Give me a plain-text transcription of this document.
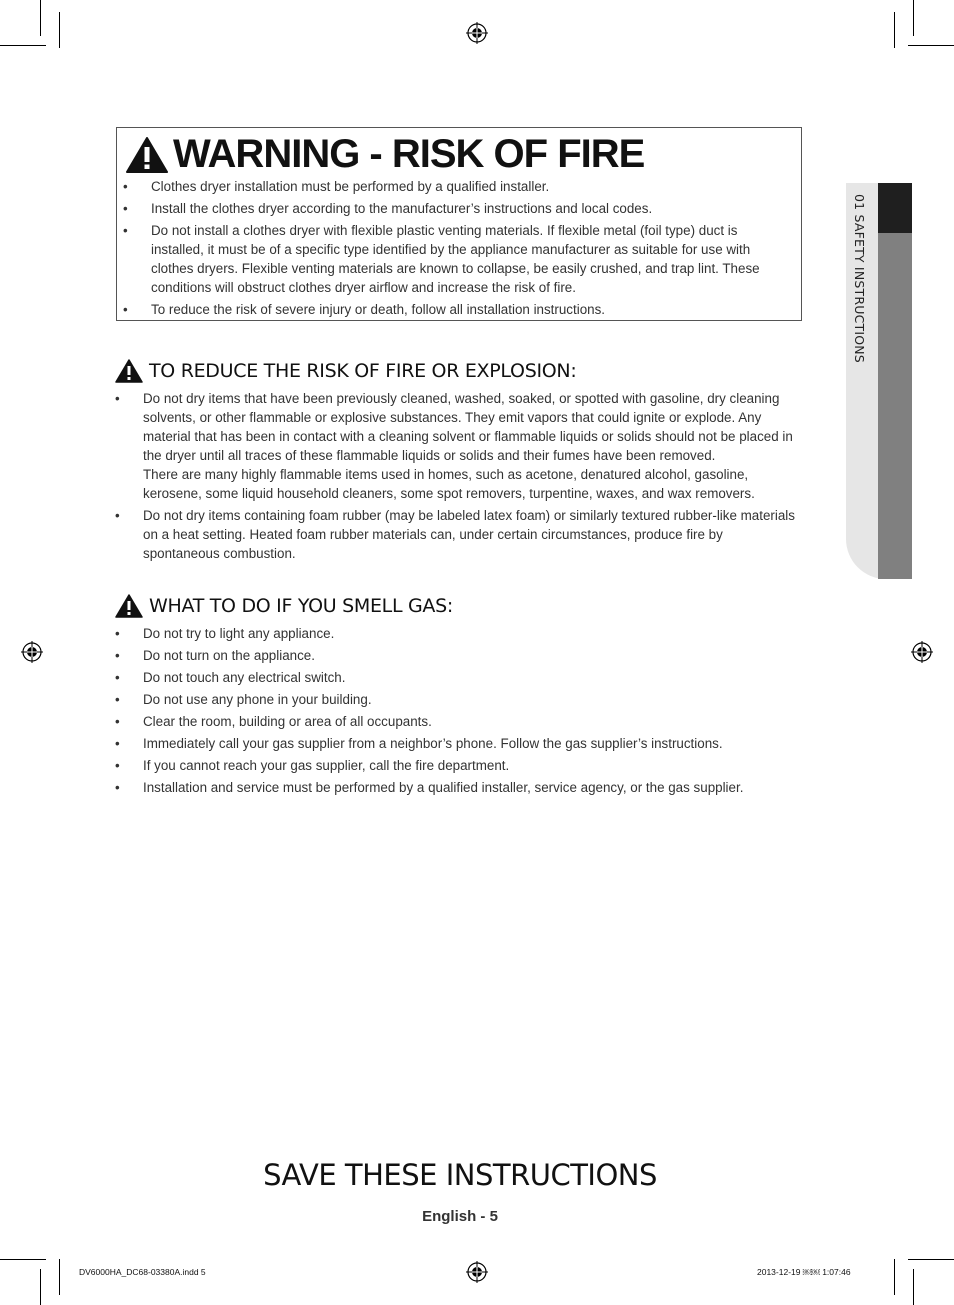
01 SAFETY INSTRUCTIONS
WARNING - RISK OF FIRE
• Clothes dryer installation must be performed by a qualified installer.
• Install the clothes dryer according to the manufacturer’s instructions and local codes.
• Do not install a clothes dryer with flexible plastic venting materials. If flexible metal (foil type) duct is installed, it must be of a specific type identified by the appliance manufacturer as suitable for use with clothes dryers. Flexible venting materials are known to collapse, be easily crushed, and trap lint. These conditions will obstruct clothes dryer airflow and increase the risk of fire.
• To reduce the risk of severe injury or death, follow all installation instructions.
TO REDUCE THE RISK OF FIRE OR EXPLOSION:
• Do not dry items that have been previously cleaned, washed, soaked, or spotted with gasoline, dry cleaning solvents, or other flammable or explosive substances. They emit vapors that could ignite or explode. Any material that has been in contact with a cleaning solvent or flammable liquids or solids should not be placed in the dryer until all traces of these flammable liquids or solids and their fumes have been removed.
There are many highly flammable items used in homes, such as acetone, denatured alcohol, gasoline, kerosene, some liquid household cleaners, some spot removers, turpentine, waxes, and wax removers.
• Do not dry items containing foam rubber (may be labeled latex foam) or similarly textured rubber-like materials on a heat setting. Heated foam rubber materials can, under certain circumstances, produce fire by spontaneous combustion.
WHAT TO DO IF YOU SMELL GAS:
• Do not try to light any appliance.
• Do not turn on the appliance.
• Do not touch any electrical switch.
• Do not use any phone in your building.
• Clear the room, building or area of all occupants.
• Immediately call your gas supplier from a neighbor’s phone. Follow the gas supplier’s instructions.
• If you cannot reach your gas supplier, call the fire department.
• Installation and service must be performed by a qualified installer, service agency, or the gas supplier.
SAVE THESE INSTRUCTIONS
English - 5
DV6000HA_DC68-03380A.indd 5	2013-12-19 ￼￼ 1:07:46
